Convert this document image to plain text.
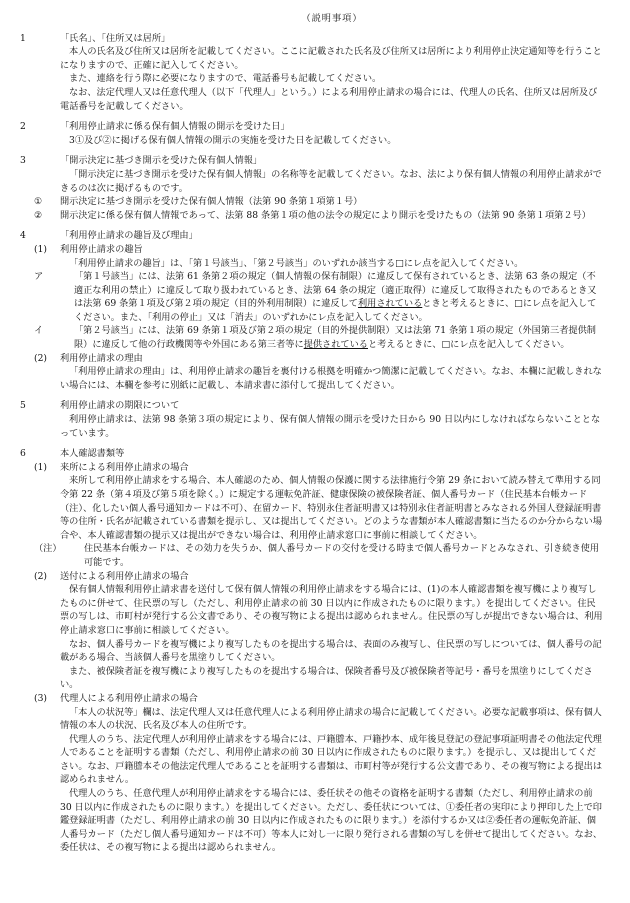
（説明事項）
1	「氏名」、「住所又は居所」

本人の氏名及び住所又は居所を記載してください。ここに記載された氏名及び住所又は居所により利用停止決定通知等を行うことになりますので、正確に記入してください。

また、連絡を行う際に必要になりますので、電話番号も記載してください。

なお、法定代理人又は任意代理人（以下「代理人」という。）による利用停止請求の場合には、代理人の氏名、住所又は居所及び電話番号を記載してください。

2	「利用停止請求に係る保有個人情報の開示を受けた日」

3①及び②に掲げる保有個人情報の開示の実施を受けた日を記載してください。

3	「開示決定に基づき開示を受けた保有個人情報」

「開示決定に基づき開示を受けた保有個人情報」の名称等を記載してください。なお、法により保有個人情報の利用停止請求ができるのは次に掲げるものです。

① 開示決定に基づき開示を受けた保有個人情報（法第 90 条第１項第１号）

② 開示決定に係る保有個人情報であって、法第 88 条第１項の他の法令の規定により開示を受けたもの（法第 90 条第１項第２号）

4	「利用停止請求の趣旨及び理由」

(1) 利用停止請求の趣旨

「利用停止請求の趣旨」は、「第１号該当」、「第２号該当」のいずれか該当する□にレ点を記入してください。

ア	「第１号該当」には、法第 61 条第２項の規定（個人情報の保有制限）に違反して保有されているとき、法第 63 条の規定（不適正な利用の禁止）に違反して取り扱われているとき、法第 64 条の規定（適正取得）に違反して取得されたものであるとき又は法第 69 条第１項及び第２項の規定（目的外利用制限）に違反して利用されているときと考えるときに、□にレ点を記入してください。また、「利用の停止」又は「消去」のいずれかにレ点を記入してください。

イ	「第２号該当」には、法第 69 条第１項及び第２項の規定（目的外提供制限）又は法第 71 条第１項の規定（外国第三者提供制限）に違反して他の行政機関等や外国にある第三者等に提供されていると考えるときに、□にレ点を記入してください。

(2) 利用停止請求の理由

「利用停止請求の理由」は、利用停止請求の趣旨を裏付ける根拠を明確かつ簡潔に記載してください。なお、本欄に記載しきれない場合には、本欄を参考に別紙に記載し、本請求書に添付して提出してください。

5	利用停止請求の期限について

利用停止請求は、法第 98 条第３項の規定により、保有個人情報の開示を受けた日から 90 日以内にしなければならないこととなっています。

6	本人確認書類等

(1) 来所による利用停止請求の場合

来所して利用停止請求をする場合、本人確認のため、個人情報の保護に関する法律施行令第 29 条において読み替えて準用する同令第 22 条（第４項及び第５項を除く。）に規定する運転免許証、健康保険の被保険者証、個人番号カード（住民基本台帳カード（注）、化したい個人番号通知カードは不可）、在留カード、特別永住者証明書又は特別永住者証明書とみなされる外国人登録証明書等の住所・氏名が記載されている書類を提示し、又は提出してください。どのような書類が本人確認書類に当たるのか分からない場合や、本人確認書類の提示又は提出ができない場合は、利用停止請求窓口に事前に相談してください。

（注） 住民基本台帳カードは、その効力を失うか、個人番号カードの交付を受ける時まで個人番号カードとみなされ、引き続き使用可能です。

(2) 送付による利用停止請求の場合

保有個人情報利用停止請求書を送付して保有個人情報の利用停止請求をする場合には、(1)の本人確認書類を複写機により複写したものに併せて、住民票の写し（ただし、利用停止請求の前 30 日以内に作成されたものに限ります。）を提出してください。住民票の写しは、市町村が発行する公文書であり、その複写物による提出は認められません。住民票の写しが提出できない場合は、利用停止請求窓口に事前に相談してください。

なお、個人番号カードを複写機により複写したものを提出する場合は、表面のみ複写し、住民票の写しについては、個人番号の記載がある場合、当該個人番号を黒塗りしてください。

また、被保険者証を複写機により複写したものを提出する場合は、保険者番号及び被保険者等記号・番号を黒塗りにしてください。

(3) 代理人による利用停止請求の場合

「本人の状況等」欄は、法定代理人又は任意代理人による利用停止請求の場合に記載してください。必要な記載事項は、保有個人情報の本人の状況、氏名及び本人の住所です。

代理人のうち、法定代理人が利用停止請求をする場合には、戸籍謄本、戸籍抄本、成年後見登記の登記事項証明書その他法定代理人であることを証明する書類（ただし、利用停止請求の前 30 日以内に作成されたものに限ります。）を提示し、又は提出してください。なお、戸籍謄本その他法定代理人であることを証明する書類は、市町村等が発行する公文書であり、その複写物による提出は認められません。

代理人のうち、任意代理人が利用停止請求をする場合には、委任状その他その資格を証明する書類（ただし、利用停止請求の前 30 日以内に作成されたものに限ります。）を提出してください。ただし、委任状については、①委任者の実印により押印した上で印鑑登録証明書（ただし、利用停止請求の前 30 日以内に作成されたものに限ります。）を添付するか又は②委任者の運転免許証、個人番号カード（ただし個人番号通知カードは不可）等本人に対し一に限り発行される書類の写しを併せて提出してください。なお、委任状は、その複写物による提出は認められません。
